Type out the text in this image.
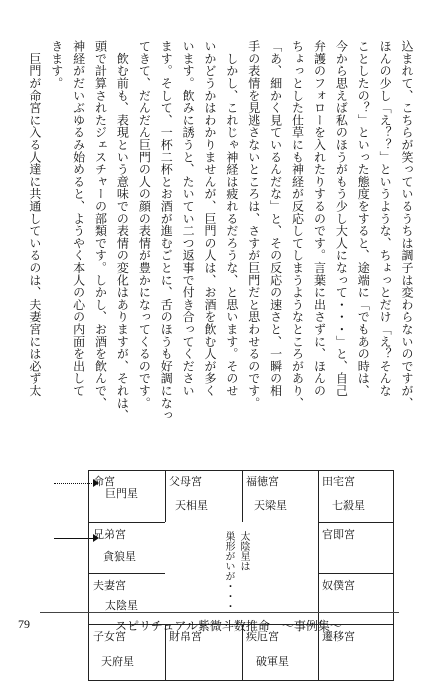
込まれて、こちらが笑っているうちは調子は変わらないのですが、
ほんの少し「え？？」というような、ちょっとだけ「え？そんな
ことしたの？」といった態度をすると、途端に「でもあの時は、
今から思えば私のほうがもう少し大人になって・・・」と、自己
弁護のフォローを入れたりするのです。言葉に出さずに、ほんの
ちょっとした仕草にも神経が反応してしまうようなところがあり、
「あ、細かく見ているんだな」と、その反応の速さと、一瞬の相
手の表情を見逃さないところは、さすが巨門だと思わせるのです。
　しかし、これじゃ神経は疲れるだろうな、と思います。そのせ
いかどうかはわかりませんが、巨門の人は、お酒を飲む人が多く
います。飲みに誘うと、たいてい二つ返事で付き合ってください
ます。そして、一杯二杯とお酒が進むごとに、舌のほうも好調になっ
てきて、だんだん巨門の人の顔の表情が豊かになってくるのです。
　飲む前も、表現という意味での表情の変化はありますが、それは、
頭で計算されたジェスチャーの部類です。しかし、お酒を飲んで、
神経がだいぶゆるみ始めると、ようやく本人の心の内面を出して
きます。
　巨門が命宮に入る人達に共通しているのは、夫妻宮には必ず太
太陰星は
巣形がいが・・・
命宮
巨門星
父母宮
天相星
福徳宮
天梁星
田宅宮
七殺星
兄弟宮
貪狼星
官即宮
夫妻宮
太陰星
奴僕宮
子女宮
天府星
財帛宮	疾厄宮
破軍星
遷移宮
79	スピリチュアル紫微斗数推命　～事例集～
